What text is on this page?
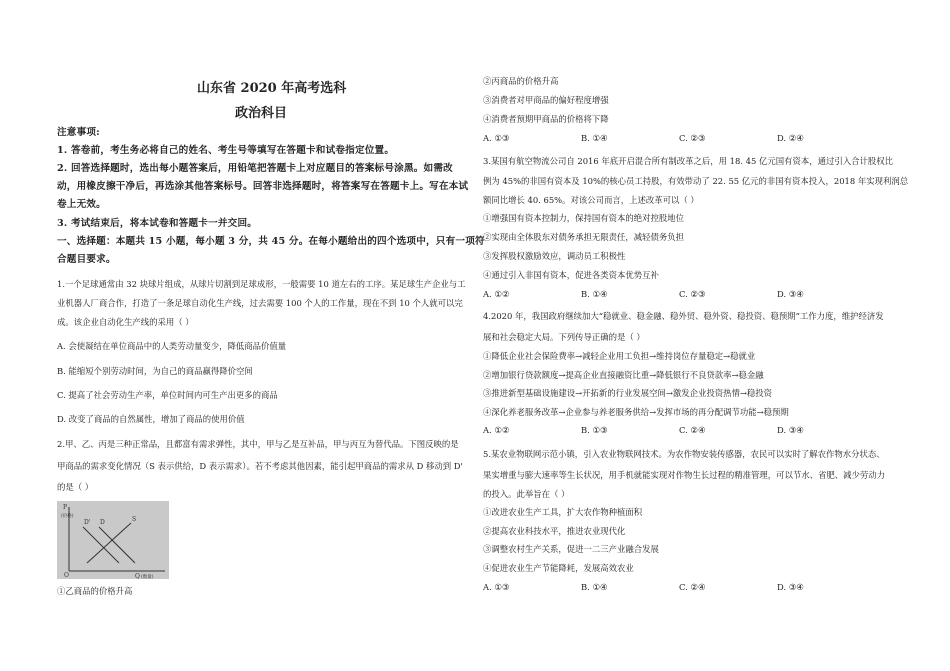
山东省 2020 年高考选科
政治科目
注意事项:
1. 答卷前，考生务必将自己的姓名、考生号等填写在答题卡和试卷指定位置。
2. 回答选择题时，选出每小题答案后，用铅笔把答题卡上对应题目的答案标号涂黑。如需改
动，用橡皮擦干净后，再选涂其他答案标号。回答非选择题时，将答案写在答题卡上。写在本试
卷上无效。
3. 考试结束后，将本试卷和答题卡一并交回。
一、选择题：本题共 15 小题，每小题 3 分，共 45 分。在每小题给出的四个选项中，只有一项符
合题目要求。
1.一个足球通常由 32 块球片组成，从球片切割到足球成形，一般需要 10 道左右的工序。某足球生产企业与工
业机器人厂商合作，打造了一条足球自动化生产线，过去需要 100 个人的工作量，现在不到 10 个人就可以完
成。该企业自动化生产线的采用（ ）
A. 会使凝结在单位商品中的人类劳动量变少，降低商品价值量
B. 能缩短个别劳动时间，为自己的商品赢得降价空间
C. 提高了社会劳动生产率，单位时间内可生产出更多的商品
D. 改变了商品的自然属性，增加了商品的使用价值
2.甲、乙、丙是三种正常品，且都富有需求弹性，其中，甲与乙是互补品，甲与丙互为替代品。下图反映的是
甲商品的需求变化情况（S 表示供给，D 表示需求）。若不考虑其他因素，能引起甲商品的需求从 D 移动到 D'
的是（ ）
P
(价格)
O	Q (数量)
D' D	S
①乙商品的价格升高
②丙商品的价格升高
③消费者对甲商品的偏好程度增强
④消费者预期甲商品的价格将下降
A. ①③	B. ①④	C. ②③	D. ②④
3.某国有航空物流公司自 2016 年底开启混合所有制改革之后，用 18. 45 亿元国有资本，通过引入合计股权比
例为 45%的非国有资本及 10%的核心员工持股，有效带动了 22. 55 亿元的非国有资本投入，2018 年实现利润总
额同比增长 40. 65%。对该公司而言，上述改革可以（ ）
①增强国有资本控制力，保持国有资本的绝对控股地位
②实现由全体股东对债务承担无限责任，减轻债务负担
③发挥股权激励效应，调动员工积极性
④通过引入非国有资本，促进各类资本优势互补
A. ①②	B. ①④	C. ②③	D. ③④
4.2020 年，我国政府继续加大“稳就业、稳金融、稳外贸、稳外资、稳投资、稳预期”工作力度，维护经济发
展和社会稳定大局。下列传导正确的是（ ）
①降低企业社会保险费率→减轻企业用工负担→维持岗位存量稳定→稳就业
②增加银行贷款额度→提高企业直接融资比重→降低银行不良贷款率→稳金融
③推进新型基础设施建设→开拓新的行业发展空间→激发企业投资热情→稳投资
④深化养老服务改革→企业参与养老服务供给→发挥市场的再分配调节功能→稳预期
A. ①②	B. ①③	C. ②④	D. ③④
5.某农业物联网示范小镇，引入农业物联网技术。为农作物安装传感器，农民可以实时了解农作物水分状态、
果实增重与膨大速率等生长状况，用手机就能实现对作物生长过程的精准管理，可以节水、省肥、减少劳动力
的投入。此举旨在（ ）
①改进农业生产工具，扩大农作物种植面积
②提高农业科技水平，推进农业现代化
③调整农村生产关系，促进一二三产业融合发展
④促进农业生产节能降耗，发展高效农业
A. ①③	B. ①④	C. ②④	D. ③④
